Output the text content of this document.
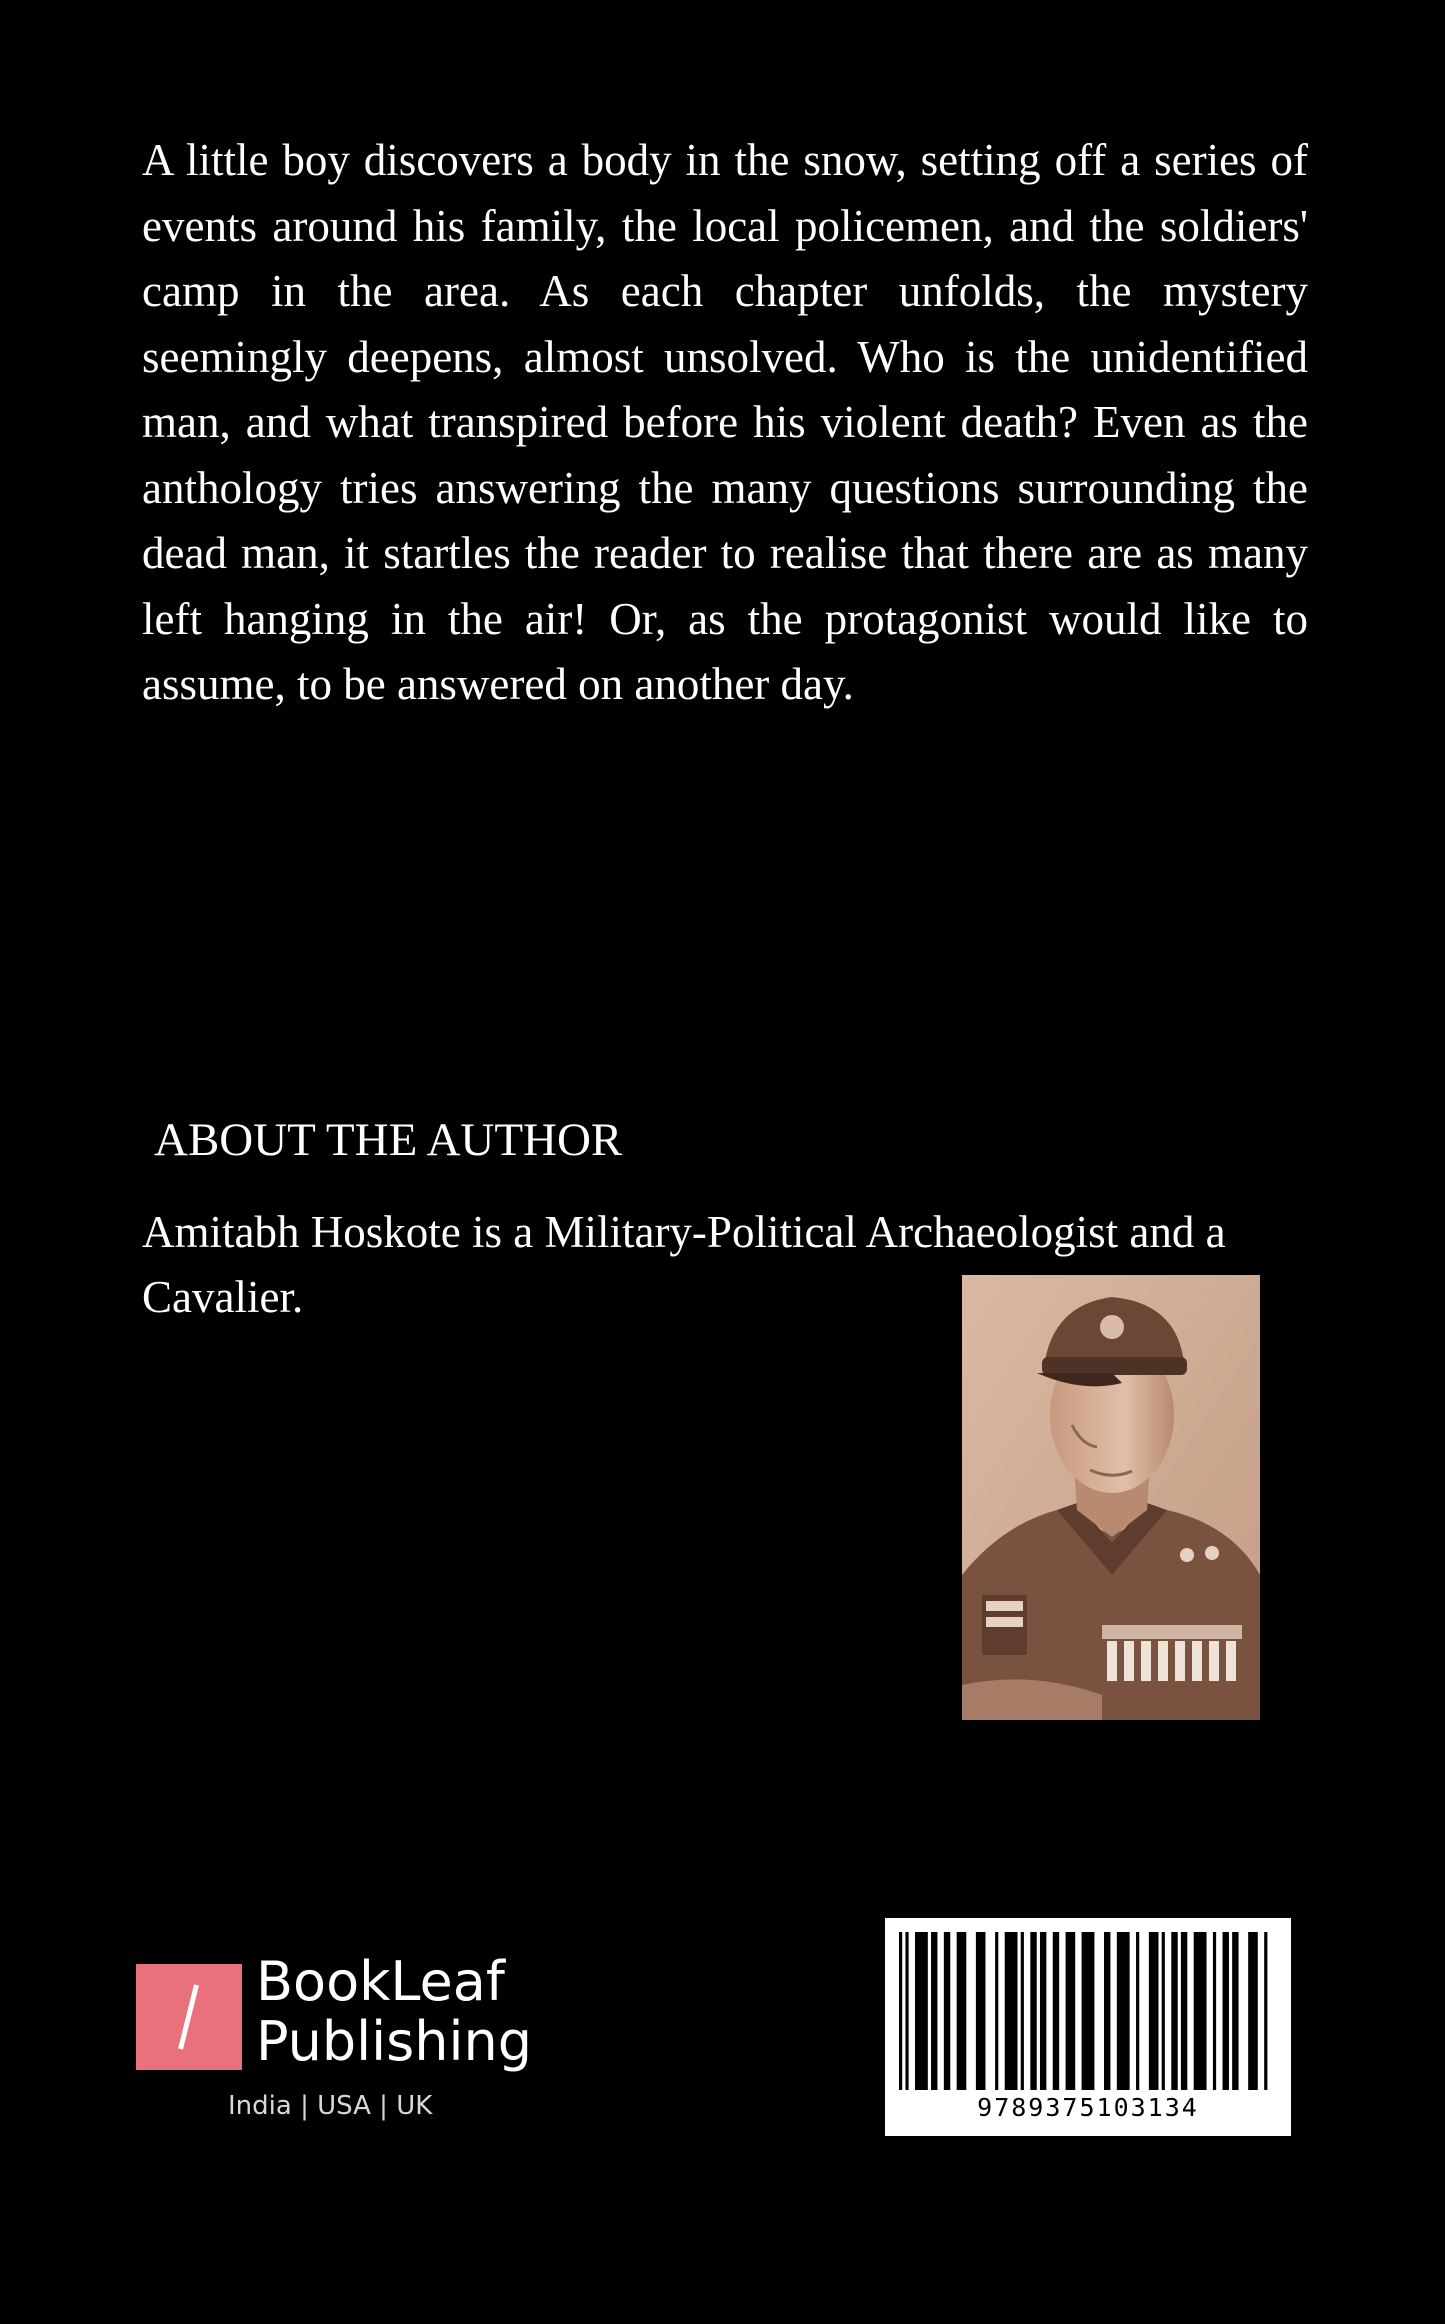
A little boy discovers a body in the snow, setting off a series of events around his family, the local policemen, and the soldiers' camp in the area. As each chapter unfolds, the mystery seemingly deepens, almost unsolved. Who is the unidentified man, and what transpired before his violent death? Even as the anthology tries answering the many questions surrounding the dead man, it startles the reader to realise that there are as many left hanging in the air! Or, as the protagonist would like to assume, to be answered on another day.

ABOUT THE AUTHOR

Amitabh Hoskote is a Military-Political Archaeologist and a Cavalier.

BookLeaf
Publishing
India | USA | UK	9789375103134
